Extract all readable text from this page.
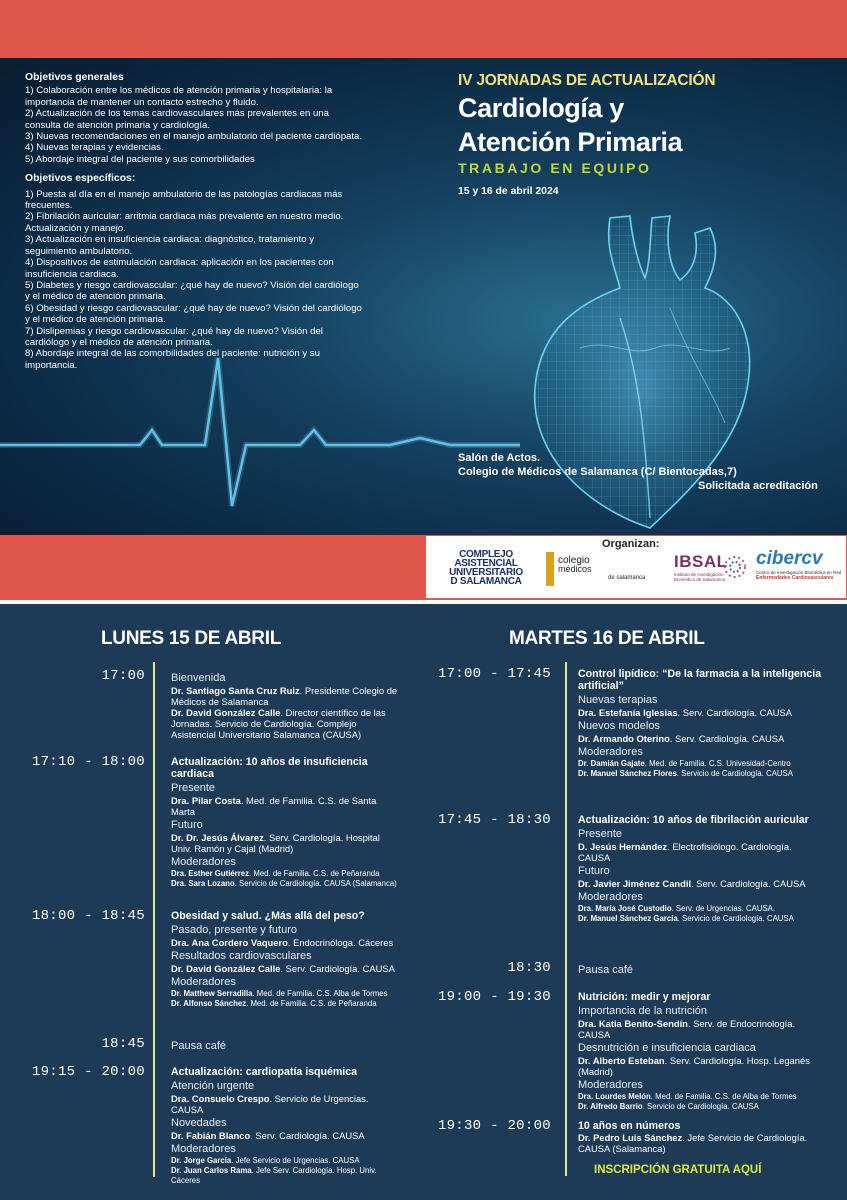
Objetivos generales

1) Colaboración entre los médicos de atención primaria y hospitalaria: la importancia de mantener un contacto estrecho y fluido.

2) Actualización de los temas cardiovasculares más prevalentes en una consulta de atención primaria y cardiología.

3) Nuevas recomendaciones en el manejo ambulatorio del paciente cardiópata.

4) Nuevas terapias y evidencias.

5) Abordaje integral del paciente y sus comorbilidades

Objetivos específicos:

1) Puesta al día en el manejo ambulatorio de las patologías cardiacas más frecuentes.

2) Fibrilación auricular: arritmia cardiaca más prevalente en nuestro medio. Actualización y manejo.

3) Actualización en insuficiencia cardiaca: diagnóstico, tratamiento y seguimiento ambulatorio.

4) Dispositivos de estimulación cardiaca: aplicación en los pacientes con insuficiencia cardiaca.

5) Diabetes y riesgo cardiovascular: ¿qué hay de nuevo? Visión del cardiólogo y el médico de atención primaria.

6) Obesidad y riesgo cardiovascular: ¿qué hay de nuevo? Visión del cardiólogo y el médico de atención primaria.

7) Dislipemias y riesgo cardiovascular: ¿qué hay de nuevo? Visión del cardiólogo y el médico de atención primaria.

8) Abordaje integral de las comorbilidades del paciente: nutrición y su importancia.

IV JORNADAS DE ACTUALIZACIÓN
Cardiología y
Atención Primaria
TRABAJO EN EQUIPO
15 y 16 de abril 2024
Salón de Actos.
Colegio de Médicos de Salamanca (C/ Bientocadas,7)
Solicitada acreditación
Organizan:
COMPLEJO
ASISTENCIAL
UNIVERSITARIO
D SALAMANCA
colegio
médicos
de salamanca
IBSAL
Instituto de Investigación
Biomédica de Salamanca
cibercv
Centro de Investigación Biomédica en Red
Enfermedades Cardiovasculares
LUNES 15 DE ABRIL	MARTES 16 DE ABRIL
17:00 Bienvenida
Dr. Santiago Santa Cruz Ruiz. Presidente Colegio de Médicos de Salamanca
Dr. David González Calle. Director científico de las Jornadas. Servicio de Cardiología. Complejo Asistencial Universitario Salamanca (CAUSA)
17:10 - 18:00 Actualización: 10 años de insuficiencia cardiaca
Presente
Dra. Pilar Costa. Med. de Familia. C.S. de Santa Marta
Futuro
Dr. Dr. Jesús Álvarez. Serv. Cardiología. Hospital Univ. Ramón y Cajal (Madrid)
Moderadores
Dra. Esther Gutiérrez. Med. de Familia. C.S. de Peñaranda
Dra. Sara Lozano. Servicio de Cardiología. CAUSA (Salamanca)
18:00 - 18:45 Obesidad y salud. ¿Más allá del peso?
Pasado, presente y futuro
Dra. Ana Cordero Vaquero. Endocrinóloga. Cáceres
Resultados cardiovasculares
Dr. David González Calle. Serv. Cardiología. CAUSA
Moderadores
Dr. Matthew Serradilla. Med. de Familia. C.S. Alba de Tormes
Dr. Alfonso Sánchez. Med. de Familia. C.S. de Peñaranda
18:45 Pausa café
19:15 - 20:00 Actualización: cardiopatía isquémica
Atención urgente
Dra. Consuelo Crespo. Servicio de Urgencias. CAUSA
Novedades
Dr. Fabián Blanco. Serv. Cardiología. CAUSA
Moderadores
Dr. Jorge García. Jefe Servicio de Urgencias. CAUSA
Dr. Juan Carlos Rama. Jefe Serv. Cardiología. Hosp. Univ. Cáceres
17:00 - 17:45	Control lipídico: “De la farmacia a la inteligencia artificial”
Nuevas terapias
Dra. Estefanía Iglesias. Serv. Cardiología. CAUSA
Nuevos modelos
Dr. Armando Oterino. Serv. Cardiología. CAUSA
Moderadores
Dr. Damián Gajate. Med. de Familia. C.S. Univesidad-Centro
Dr. Manuel Sánchez Flores. Servicio de Cardiología. CAUSA
17:45 - 18:30	Actualización: 10 años de fibrilación auricular
Presente
D. Jesús Hernández. Electrofisiólogo. Cardiología. CAUSA
Futuro
Dr. Javier Jiménez Candil. Serv. Cardiología. CAUSA
Moderadores
Dra. María José Custodio. Serv. de Urgencias. CAUSA.
Dr. Manuel Sánchez García. Servicio de Cardiología. CAUSA
18:30 Pausa café
19:00 - 19:30	Nutrición: medir y mejorar
Importancia de la nutrición
Dra. Katia Benito-Sendín. Serv. de Endocrinología. CAUSA
Desnutrición e insuficiencia cardiaca
Dr. Alberto Esteban. Serv. Cardiología. Hosp. Leganés (Madrid)
Moderadores
Dra. Lourdes Melón. Med. de Familia. C.S. de Alba de Tormes
Dr. Alfredo Barrio. Servicio de Cardiología. CAUSA
19:30 - 20:00	10 años en números
Dr. Pedro Luis Sánchez. Jefe Servicio de Cardiología. CAUSA (Salamanca)
INSCRIPCIÓN GRATUITA AQUÍ
